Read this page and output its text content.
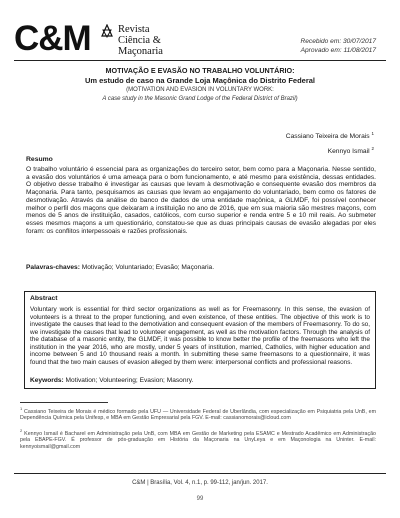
C&M	Revista
Ciência &
Maçonaria
Recebido em: 30/07/2017
Aprovado em: 11/08/2017
MOTIVAÇÃO E EVASÃO NO TRABALHO VOLUNTÁRIO:
Um estudo de caso na Grande Loja Maçônica do Distrito Federal
(MOTIVATION AND EVASION IN VOLUNTARY WORK:
A case study in the Masonic Grand Lodge of the Federal District of Brazil)
Cassiano Teixeira de Morais $^1$
Kennyo Ismail $^2$
Resumo
O trabalho voluntário é essencial para as organizações do terceiro setor, bem como para a Maçonaria. Nesse sentido, a evasão dos voluntários é uma ameaça para o bom funcionamento, e até mesmo para existência, dessas entidades. O objetivo desse trabalho é investigar as causas que levam à desmotivação e consequente evasão dos membros da Maçonaria. Para tanto, pesquisamos as causas que levam ao engajamento do voluntariado, bem como os fatores de desmotivação. Através da análise do banco de dados de uma entidade maçônica, a GLMDF, foi possível conhecer melhor o perfil dos maçons que deixaram a instituição no ano de 2016, que em sua maioria são mestres maçons, com menos de 5 anos de instituição, casados, católicos, com curso superior e renda entre 5 e 10 mil reais. Ao submeter esses mesmos maçons a um questionário, constatou-se que as duas principais causas de evasão alegadas por eles foram: os conflitos interpessoais e razões profissionais.
Palavras-chaves: Motivação; Voluntariado; Evasão; Maçonaria.
Abstract
Voluntary work is essential for third sector organizations as well as for Freemasonry. In this sense, the evasion of volunteers is a threat to the proper functioning, and even existence, of these entities. The objective of this work is to investigate the causes that lead to the demotivation and consequent evasion of the members of Freemasonry. To do so, we investigate the causes that lead to volunteer engagement, as well as the motivation factors. Through the analysis of the database of a masonic entity, the GLMDF, it was possible to know better the profile of the freemasons who left the institution in the year 2016, who are mostly, under 5 years of institution, married, Catholics, with higher education and income between 5 and 10 thousand reais a month. In submitting these same freemasons to a questionnaire, it was found that the two main causes of evasion alleged by them were: interpersonal conflicts and professional reasons.
Keywords: Motivation; Volunteering; Evasion; Masonry.
$^1$ Cassiano Teixeira de Morais é médico formado pela UFU — Universidade Federal de Uberlândia, com especialização em Psiquiatria pela UnB, em Dependência Química pela Unifesp, e MBA em Gestão Empresarial pela FGV. E-mail: cassianomorais@icloud.com
$^2$ Kennyo Ismail é Bacharel em Administração pela UnB, com MBA em Gestão de Marketing pela ESAMC e Mestrado Acadêmico em Administração pela EBAPE-FGV. É professor de pós-graduação em História da Maçonaria na UnyLeya e em Maçonologia na Uninter. E-mail: kennyoismail@gmail.com
C&M | Brasília, Vol. 4, n.1, p. 99-112, jan/jun. 2017.
99
